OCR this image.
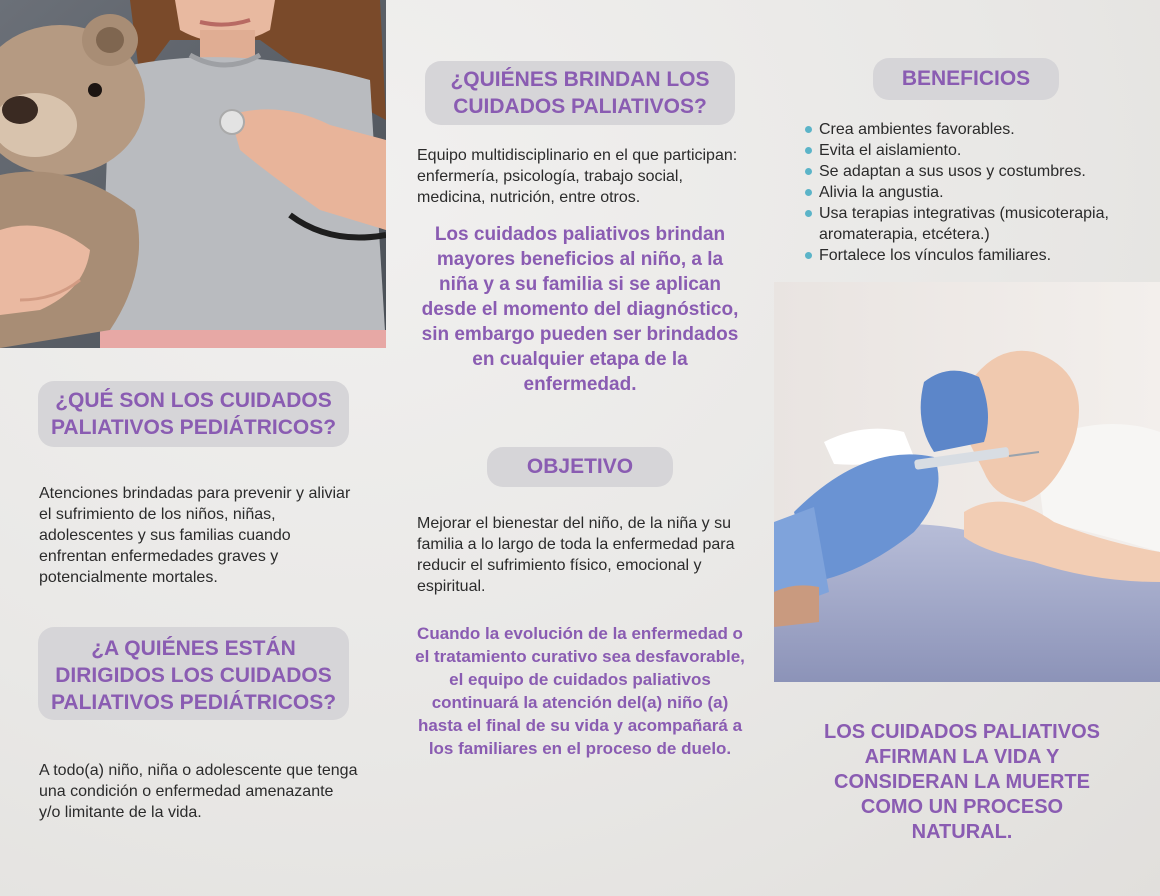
¿QUÉ SON LOS CUIDADOS PALIATIVOS PEDIÁTRICOS?
Atenciones brindadas para prevenir y aliviar el sufrimiento de los niños, niñas, adolescentes y sus familias cuando enfrentan enfermedades graves y potencialmente mortales.
¿A QUIÉNES ESTÁN DIRIGIDOS LOS CUIDADOS PALIATIVOS PEDIÁTRICOS?
A todo(a) niño, niña o adolescente que tenga una condición o enfermedad amenazante y/o limitante de la vida.
¿QUIÉNES BRINDAN LOS CUIDADOS PALIATIVOS?
Equipo multidisciplinario en el que participan: enfermería, psicología, trabajo social, medicina, nutrición, entre otros.
Los cuidados paliativos brindan mayores beneficios al niño, a la niña y a su familia si se aplican desde el momento del diagnóstico, sin embargo pueden ser brindados en cualquier etapa de la enfermedad.
OBJETIVO
Mejorar el bienestar del niño, de la niña y su familia a lo largo de toda la enfermedad para reducir el sufrimiento físico, emocional y espiritual.
Cuando la evolución de la enfermedad o el tratamiento curativo sea desfavorable, el equipo de cuidados paliativos continuará la atención del(a) niño (a) hasta el final de su vida y acompañará a los familiares en el proceso de duelo.
BENEFICIOS
Crea ambientes favorables.
Evita el aislamiento.
Se adaptan a sus usos y costumbres.
Alivia la angustia.
Usa terapias integrativas (musicoterapia, aromaterapia, etcétera.)
Fortalece los vínculos familiares.
LOS CUIDADOS PALIATIVOS AFIRMAN LA VIDA Y CONSIDERAN LA MUERTE COMO UN PROCESO NATURAL.
